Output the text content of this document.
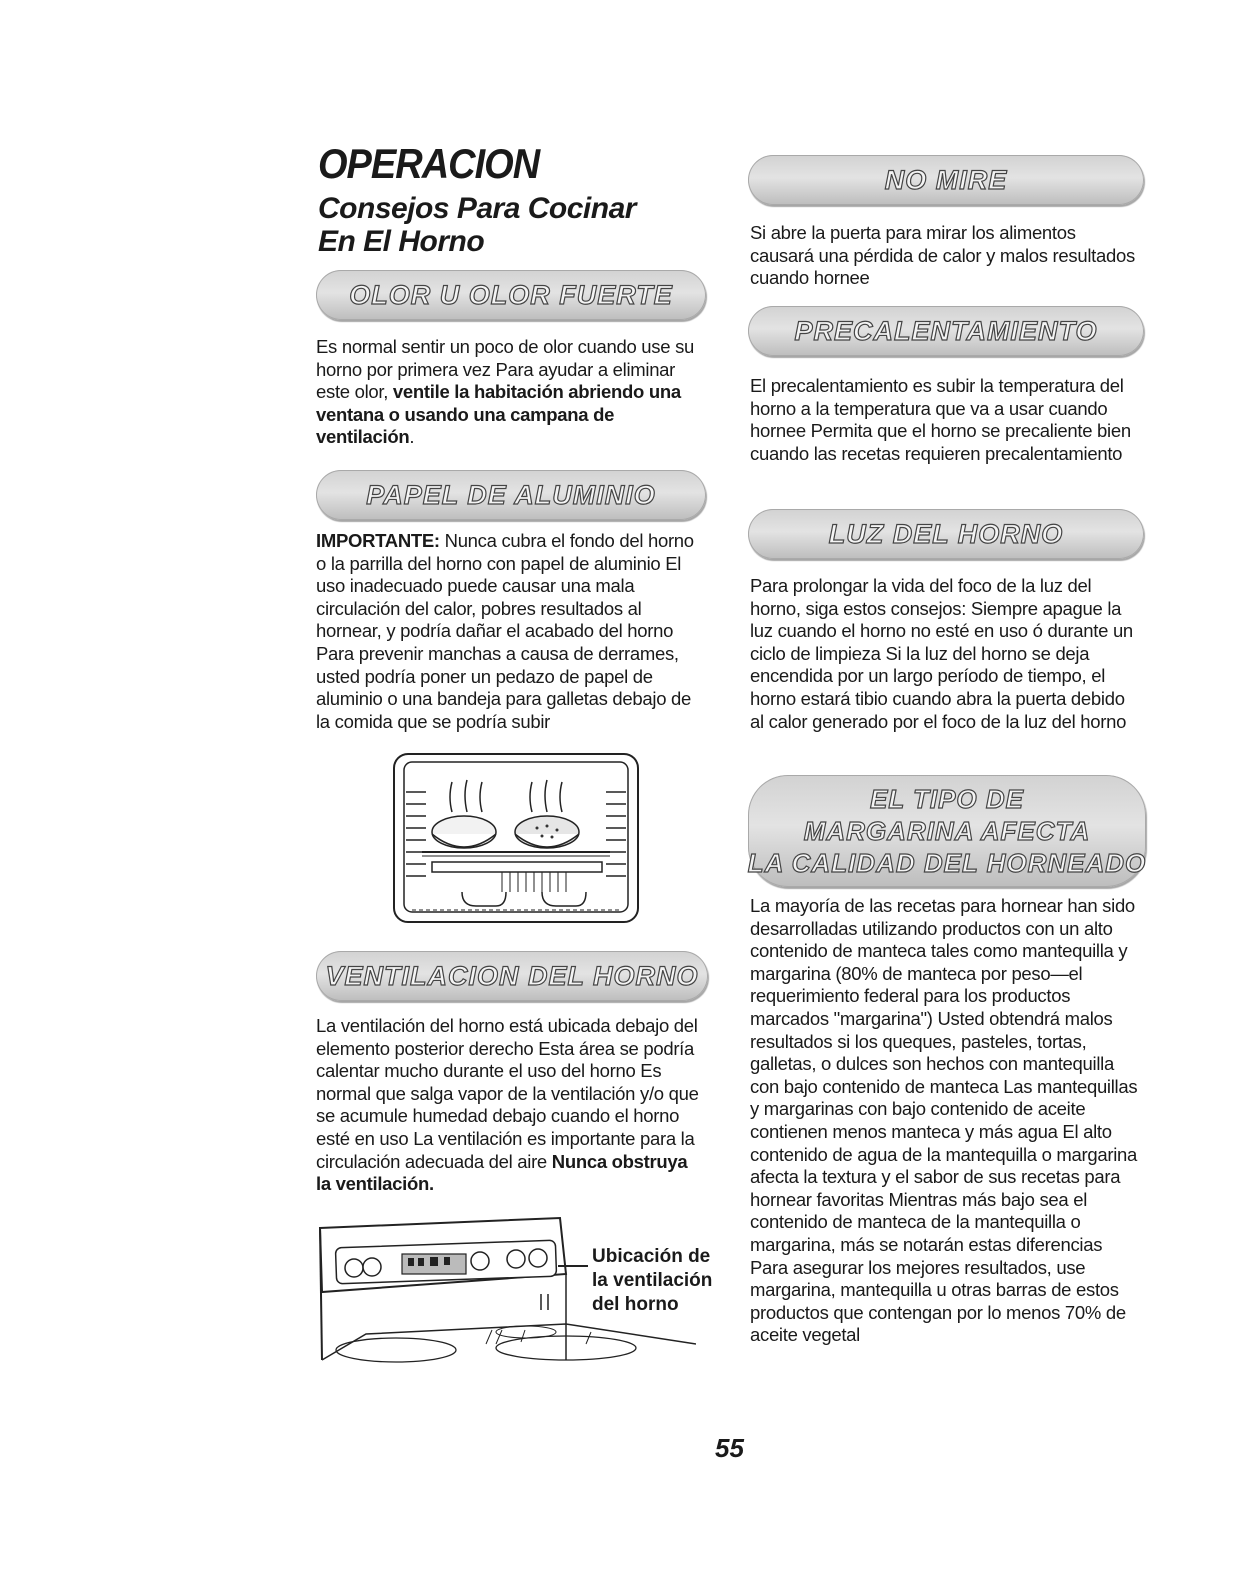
OPERACION
Consejos Para Cocinar
En El Horno
OLOR U OLOR FUERTE

Es normal sentir un poco de olor cuando use su horno por primera vez Para ayudar a eliminar este olor, ventile la habitación abriendo una ventana o usando una campana de ventilación.

PAPEL DE ALUMINIO

IMPORTANTE: Nunca cubra el fondo del horno o la parrilla del horno con papel de aluminio El uso inadecuado puede causar una mala circulación del calor, pobres resultados al hornear, y podría dañar el acabado del horno Para prevenir manchas a causa de derrames, usted podría poner un pedazo de papel de aluminio o una bandeja para galletas debajo de la comida que se podría subir

VENTILACION DEL HORNO

La ventilación del horno está ubicada debajo del elemento posterior derecho Esta área se podría calentar mucho durante el uso del horno Es normal que salga vapor de la ventilación y/o que se acumule humedad debajo cuando el horno esté en uso La ventilación es importante para la circulación adecuada del aire Nunca obstruya la ventilación.

Ubicación de
la ventilación
del horno
NO MIRE

Si abre la puerta para mirar los alimentos causará una pérdida de calor y malos resultados cuando hornee

PRECALENTAMIENTO

El precalentamiento es subir la temperatura del horno a la temperatura que va a usar cuando hornee Permita que el horno se precaliente bien cuando las recetas requieren precalentamiento

LUZ DEL HORNO

Para prolongar la vida del foco de la luz del horno, siga estos consejos: Siempre apague la luz cuando el horno no esté en uso ó durante un ciclo de limpieza Si la luz del horno se deja encendida por un largo período de tiempo, el horno estará tibio cuando abra la puerta debido al calor generado por el foco de la luz del horno

EL TIPO DE
MARGARINA AFECTA
LA CALIDAD DEL HORNEADO

La mayoría de las recetas para hornear han sido desarrolladas utilizando productos con un alto contenido de manteca tales como mantequilla y margarina (80% de manteca por peso—el requerimiento federal para los productos marcados "margarina") Usted obtendrá malos resultados si los queques, pasteles, tortas, galletas, o dulces son hechos con mantequilla con bajo contenido de manteca Las mantequillas y margarinas con bajo contenido de aceite contienen menos manteca y más agua El alto contenido de agua de la mantequilla o margarina afecta la textura y el sabor de sus recetas para hornear favoritas Mientras más bajo sea el contenido de manteca de la mantequilla o margarina, más se notarán estas diferencias Para asegurar los mejores resultados, use margarina, mantequilla u otras barras de estos productos que contengan por lo menos 70% de aceite vegetal

55
